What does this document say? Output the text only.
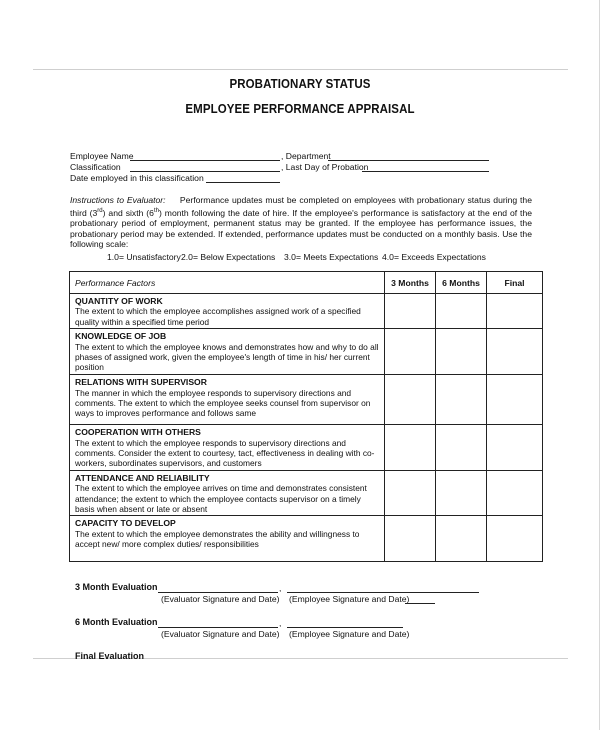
PROBATIONARY STATUS
EMPLOYEE PERFORMANCE APPRAISAL
Employee Name	, Department
Classification	, Last Day of Probation
Date employed in this classification
Instructions to Evaluator: Performance updates must be completed on employees with probationary status during the third (3rd) and sixth (6th) month following the date of hire. If the employee's performance is satisfactory at the end of the probationary period of employment, permanent status may be granted. If the employee has performance issues, the probationary period may be extended. If extended, performance updates must be conducted on a monthly basis. Use the following scale:
1.0= Unsatisfactory 2.0= Below Expectations 3.0= Meets Expectations 4.0= Exceeds Expectations
Performance Factors	3 Months	6 Months	Final

QUANTITY OF WORK
The extent to which the employee accomplishes assigned work of a specified quality within a specified time period			

KNOWLEDGE OF JOB
The extent to which the employee knows and demonstrates how and why to do all phases of assigned work, given the employee's length of time in his/ her current position			

RELATIONS WITH SUPERVISOR
The manner in which the employee responds to supervisory directions and comments. The extent to which the employee seeks counsel from supervisor on ways to improves performance and follows same			

COOPERATION WITH OTHERS
The extent to which the employee responds to supervisory directions and comments. Consider the extent to courtesy, tact, effectiveness in dealing with co-workers, subordinates supervisors, and customers			

ATTENDANCE AND RELIABILITY
The extent to which the employee arrives on time and demonstrates consistent attendance; the extent to which the employee contacts supervisor on a timely basis when absent or late or absent			

CAPACITY TO DEVELOP
The extent to which the employee demonstrates the ability and willingness to accept new/ more complex duties/ responsibilities			

3 Month Evaluation	,
(Evaluator Signature and Date) (Employee Signature and Date)
6 Month Evaluation	,
(Evaluator Signature and Date) (Employee Signature and Date)
Final Evaluation
